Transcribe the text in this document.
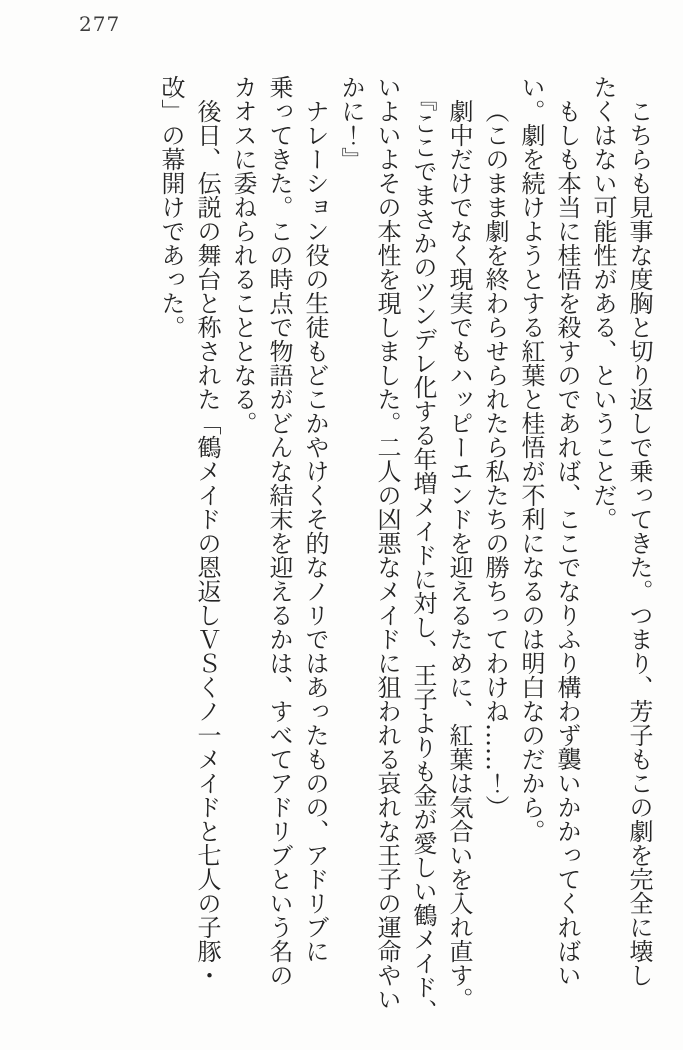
277

こちらも見事な度胸と切り返しで乗ってきた。つまり、芳子もこの劇を完全に壊したくはない可能性がある、ということだ。

もしも本当に桂悟を殺すのであれば、ここでなりふり構わず襲いかかってくればいい。劇を続けようとする紅葉と桂悟が不利になるのは明白なのだから。

（このまま劇を終わらせられたら私たちの勝ちってわけね……！）

劇中だけでなく現実でもハッピーエンドを迎えるために、紅葉は気合いを入れ直す。

『ここでまさかのツンデレ化する年増メイドに対し、王子よりも金が愛しい鶴メイド、いよいよその本性を現しました。二人の凶悪なメイドに狙われる哀れな王子の運命やいかに！』

ナレーション役の生徒もどこかやけくそ的なノリではあったものの、アドリブに乗ってきた。この時点で物語がどんな結末を迎えるかは、すべてアドリブという名のカオスに委ねられることとなる。

後日、伝説の舞台と称された「鶴メイドの恩返しＶＳくノ一メイドと七人の子豚・改」の幕開けであった。
